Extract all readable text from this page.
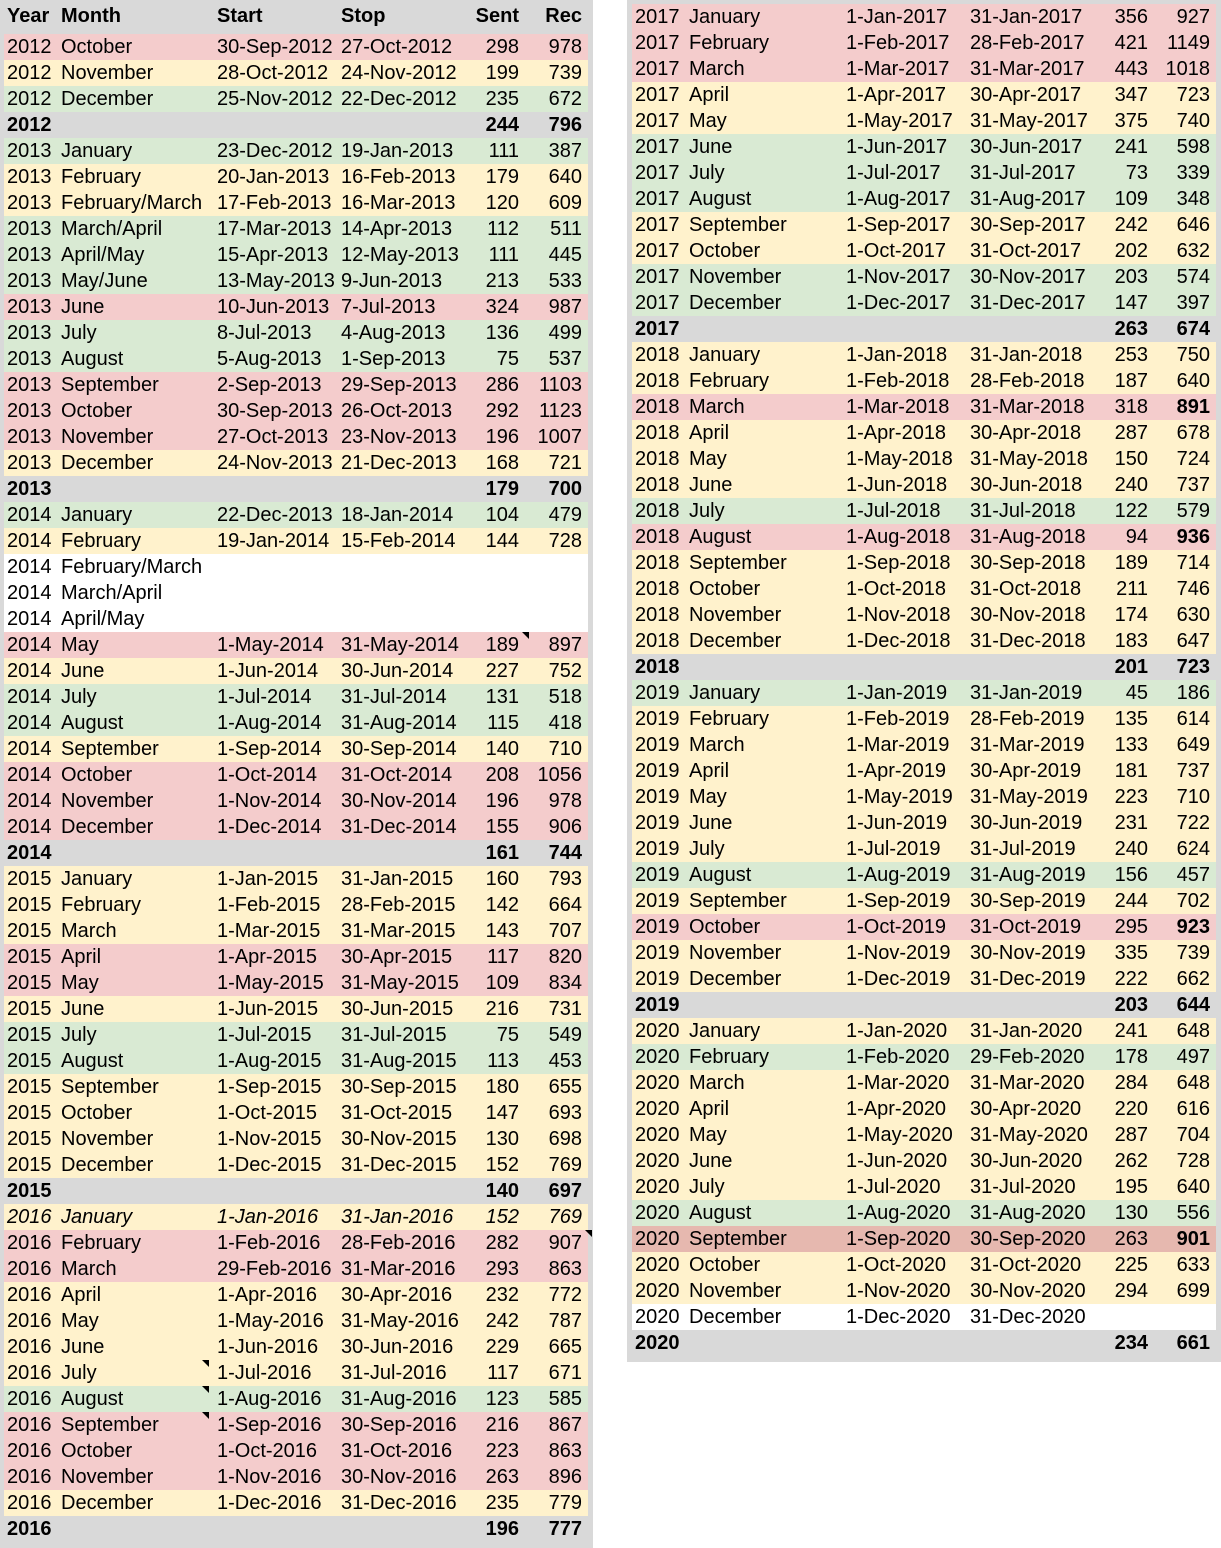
Year Month	Start	Stop	Sent Rec
2012 October	30-Sep-2012 27-Oct-2012 298 978
2012 November	28-Oct-2012 24-Nov-2012 199 739
2012 December	25-Nov-2012 22-Dec-2012 235 672
2012	244 796
2013 January	23-Dec-2012 19-Jan-2013 111 387
2013 February	20-Jan-2013 16-Feb-2013 179 640
2013 February/March 17-Feb-2013 16-Mar-2013 120 609
2013 March/April	17-Mar-2013 14-Apr-2013 112 511
2013 April/May	15-Apr-2013 12-May-2013 111 445
2013 May/June	13-May-2013 9-Jun-2013 213 533
2013 June	10-Jun-2013 7-Jul-2013	324 987
2013 July	8-Jul-2013 4-Aug-2013 136 499
2013 August	5-Aug-2013 1-Sep-2013	75 537
2013 September	2-Sep-2013 29-Sep-2013 286 1103
2013 October	30-Sep-2013 26-Oct-2013 292 1123
2013 November	27-Oct-2013 23-Nov-2013 196 1007
2013 December	24-Nov-2013 21-Dec-2013 168 721
2013	179 700
2014 January	22-Dec-2013 18-Jan-2014 104 479
2014 February	19-Jan-2014 15-Feb-2014 144 728
2014 February/March
2014 March/April
2014 April/May
2014 May	1-May-2014 31-May-2014 189 897
2014 June	1-Jun-2014 30-Jun-2014 227 752
2014 July	1-Jul-2014 31-Jul-2014 131 518
2014 August	1-Aug-2014 31-Aug-2014 115 418
2014 September	1-Sep-2014 30-Sep-2014 140 710
2014 October	1-Oct-2014 31-Oct-2014 208 1056
2014 November	1-Nov-2014 30-Nov-2014 196 978
2014 December	1-Dec-2014 31-Dec-2014 155 906
2014	161 744
2015 January	1-Jan-2015 31-Jan-2015 160 793
2015 February	1-Feb-2015 28-Feb-2015 142 664
2015 March	1-Mar-2015 31-Mar-2015 143 707
2015 April	1-Apr-2015 30-Apr-2015 117 820
2015 May	1-May-2015 31-May-2015 109 834
2015 June	1-Jun-2015 30-Jun-2015 216 731
2015 July	1-Jul-2015 31-Jul-2015	75 549
2015 August	1-Aug-2015 31-Aug-2015 113 453
2015 September	1-Sep-2015 30-Sep-2015 180 655
2015 October	1-Oct-2015 31-Oct-2015 147 693
2015 November	1-Nov-2015 30-Nov-2015 130 698
2015 December	1-Dec-2015 31-Dec-2015 152 769
2015	140 697
2016 January	1-Jan-2016 31-Jan-2016 152 769
2016 February	1-Feb-2016 28-Feb-2016 282 907
2016 March	29-Feb-2016 31-Mar-2016 293 863
2016 April	1-Apr-2016 30-Apr-2016 232 772
2016 May	1-May-2016 31-May-2016 242 787
2016 June	1-Jun-2016 30-Jun-2016 229 665
2016 July	1-Jul-2016 31-Jul-2016 117 671
2016 August	1-Aug-2016 31-Aug-2016 123 585
2016 September	1-Sep-2016 30-Sep-2016 216 867
2016 October	1-Oct-2016 31-Oct-2016 223 863
2016 November	1-Nov-2016 30-Nov-2016 263 896
2016 December	1-Dec-2016 31-Dec-2016 235 779
2016	196 777
2017 January	1-Jan-2017 31-Jan-2017 356 927
2017 February	1-Feb-2017 28-Feb-2017 421 1149
2017 March	1-Mar-2017 31-Mar-2017 443 1018
2017 April	1-Apr-2017 30-Apr-2017 347 723
2017 May	1-May-2017 31-May-2017 375 740
2017 June	1-Jun-2017 30-Jun-2017 241 598
2017 July	1-Jul-2017 31-Jul-2017	73 339
2017 August	1-Aug-2017 31-Aug-2017 109 348
2017 September	1-Sep-2017 30-Sep-2017 242 646
2017 October	1-Oct-2017 31-Oct-2017 202 632
2017 November	1-Nov-2017 30-Nov-2017 203 574
2017 December	1-Dec-2017 31-Dec-2017 147 397
2017	263 674
2018 January	1-Jan-2018 31-Jan-2018 253 750
2018 February	1-Feb-2018 28-Feb-2018 187 640
2018 March	1-Mar-2018 31-Mar-2018 318 891
2018 April	1-Apr-2018 30-Apr-2018 287 678
2018 May	1-May-2018 31-May-2018 150 724
2018 June	1-Jun-2018 30-Jun-2018 240 737
2018 July	1-Jul-2018 31-Jul-2018 122 579
2018 August	1-Aug-2018 31-Aug-2018 94 936
2018 September	1-Sep-2018 30-Sep-2018 189 714
2018 October	1-Oct-2018 31-Oct-2018 211 746
2018 November	1-Nov-2018 30-Nov-2018 174 630
2018 December	1-Dec-2018 31-Dec-2018 183 647
2018	201 723
2019 January	1-Jan-2019 31-Jan-2019 45 186
2019 February	1-Feb-2019 28-Feb-2019 135 614
2019 March	1-Mar-2019 31-Mar-2019 133 649
2019 April	1-Apr-2019 30-Apr-2019 181 737
2019 May	1-May-2019 31-May-2019 223 710
2019 June	1-Jun-2019 30-Jun-2019 231 722
2019 July	1-Jul-2019 31-Jul-2019 240 624
2019 August	1-Aug-2019 31-Aug-2019 156 457
2019 September	1-Sep-2019 30-Sep-2019 244 702
2019 October	1-Oct-2019 31-Oct-2019 295 923
2019 November	1-Nov-2019 30-Nov-2019 335 739
2019 December	1-Dec-2019 31-Dec-2019 222 662
2019	203 644
2020 January	1-Jan-2020 31-Jan-2020 241 648
2020 February	1-Feb-2020 29-Feb-2020 178 497
2020 March	1-Mar-2020 31-Mar-2020 284 648
2020 April	1-Apr-2020 30-Apr-2020 220 616
2020 May	1-May-2020 31-May-2020 287 704
2020 June	1-Jun-2020 30-Jun-2020 262 728
2020 July	1-Jul-2020 31-Jul-2020 195 640
2020 August	1-Aug-2020 31-Aug-2020 130 556
2020 September	1-Sep-2020 30-Sep-2020 263 901
2020 October	1-Oct-2020 31-Oct-2020 225 633
2020 November	1-Nov-2020 30-Nov-2020 294 699
2020 December	1-Dec-2020 31-Dec-2020
2020	234 661
